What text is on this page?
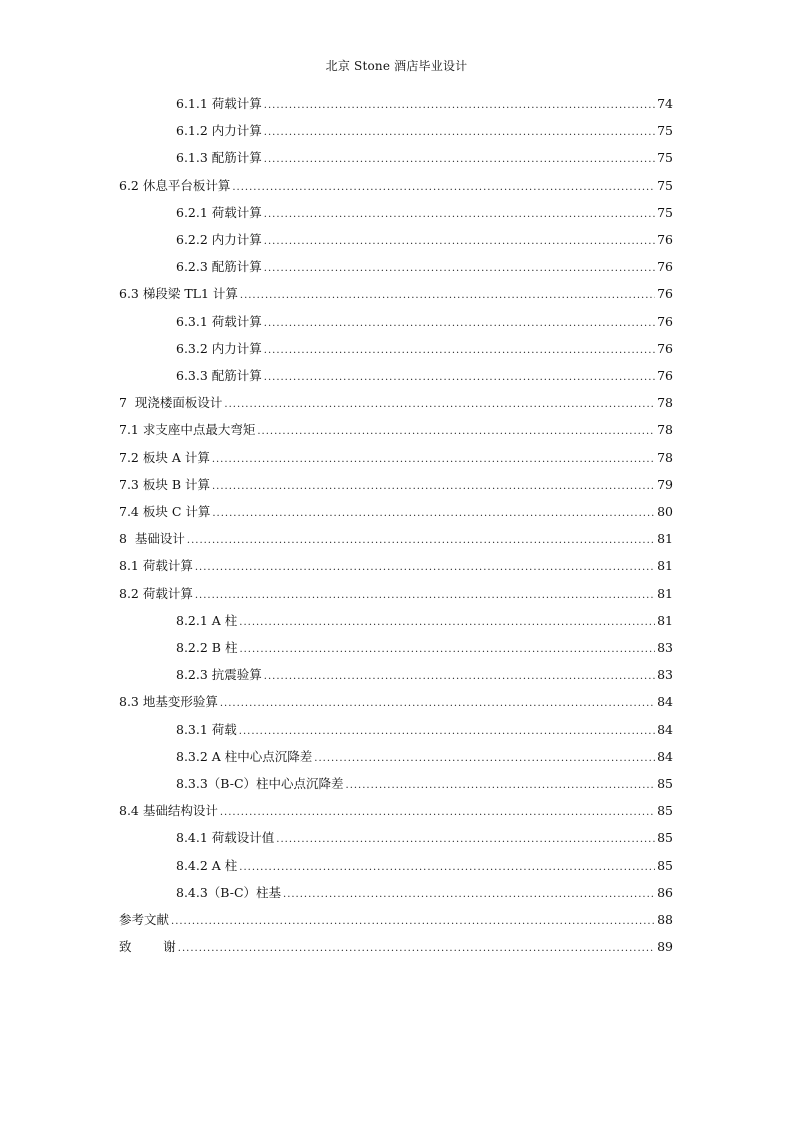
北京 Stone 酒店毕业设计
6.1.1 荷载计算 .....	74
6.1.2 内力计算 .....	75
6.1.3 配筋计算 .....	75
6.2 休息平台板计算 .....	75
6.2.1 荷载计算 .....	75
6.2.2 内力计算 .....	76
6.2.3 配筋计算 .....	76
6.3 梯段梁 TL1 计算 .....	76
6.3.1 荷载计算 .....	76
6.3.2 内力计算 .....	76
6.3.3 配筋计算 .....	76
7  现浇楼面板设计 .....	78
7.1 求支座中点最大弯矩 .....	78
7.2 板块 A 计算 .....	78
7.3 板块 B 计算 .....	79
7.4 板块 C 计算 .....	80
8  基础设计 .....	81
8.1 荷载计算 .....	81
8.2 荷载计算 .....	81
8.2.1 A 柱 .....	81
8.2.2 B 柱 .....	83
8.2.3 抗震验算 .....	83
8.3 地基变形验算 .....	84
8.3.1 荷载 .....	84
8.3.2 A 柱中心点沉降差 .....	84
8.3.3（B-C）柱中心点沉降差 .....	85
8.4 基础结构设计 .....	85
8.4.1 荷载设计值 .....	85
8.4.2 A 柱 .....	85
8.4.3（B-C）柱基 .....	86
参考文献 .....	88
致        谢 .....	89
